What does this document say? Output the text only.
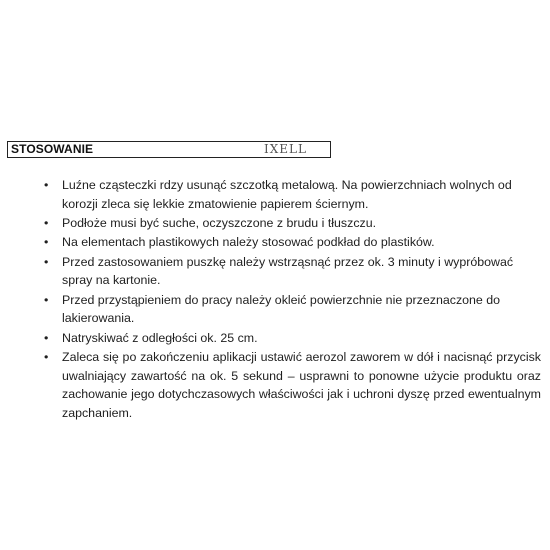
STOSOWANIE	IXELL
• Luźne cząsteczki rdzy usunąć szczotką metalową. Na powierzchniach wolnych od korozji zleca się lekkie zmatowienie papierem ściernym.
• Podłoże musi być suche, oczyszczone z brudu i tłuszczu.
• Na elementach plastikowych należy stosować podkład do plastików.
• Przed zastosowaniem puszkę należy wstrząsnąć przez ok. 3 minuty i wypróbować spray na kartonie.
• Przed przystąpieniem do pracy należy okleić powierzchnie nie przeznaczone do lakierowania.
• Natryskiwać z odległości ok. 25 cm.
• Zaleca się po zakończeniu aplikacji ustawić aerozol zaworem w dół i nacisnąć przycisk uwalniający zawartość na ok. 5 sekund – usprawni to ponowne użycie produktu oraz zachowanie jego dotychczasowych właściwości jak i uchroni dyszę przed ewentualnym zapchaniem.
